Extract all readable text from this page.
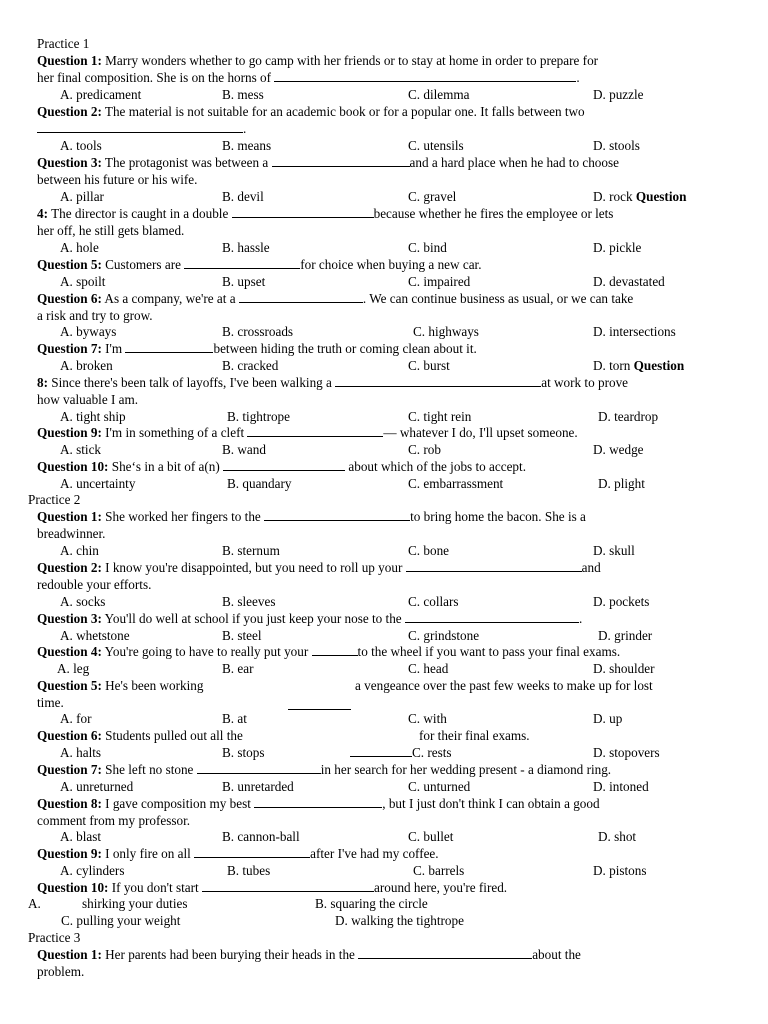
Practice 1
Question 1: Marry wonders whether to go camp with her friends or to stay at home in order to prepare for
her final composition. She is on the horns of	.
A. predicament	B. mess	C. dilemma	D. puzzle
Question 2: The material is not suitable for an academic book or for a popular one. It falls between two
.
A. tools	B. means	C. utensils	D. stools
Question 3: The protagonist was between a	and a hard place when he had to choose
between his future or his wife.
A. pillar	B. devil	C. gravel	D. rock Question
4: The director is caught in a double	because whether he fires the employee or lets
her off, he still gets blamed.
A. hole	B. hassle	C. bind	D. pickle
Question 5: Customers are	for choice when buying a new car.
A. spoilt	B. upset	C. impaired	D. devastated
Question 6: As a company, we're at a	. We can continue business as usual, or we can take
a risk and try to grow.
A. byways	B. crossroads	C. highways	D. intersections
Question 7: I'm	between hiding the truth or coming clean about it.
A. broken	B. cracked	C. burst	D. torn Question
8: Since there's been talk of layoffs, I've been walking a	at work to prove
how valuable I am.
A. tight ship	B. tightrope	C. tight rein	D. teardrop
Question 9: I'm in something of a cleft	— whatever I do, I'll upset someone.
A. stick	B. wand	C. rob	D. wedge
Question 10: She‘s in a bit of a(n)	about which of the jobs to accept.
A. uncertainty	B. quandary	C. embarrassment	D. plight
Practice 2
Question 1: She worked her fingers to the	to bring home the bacon. She is a
breadwinner.
A. chin	B. sternum	C. bone	D. skull
Question 2: I know you're disappointed, but you need to roll up your	and
redouble your efforts.
A. socks	B. sleeves	C. collars	D. pockets
Question 3: You'll do well at school if you just keep your nose to the	.
A. whetstone	B. steel	C. grindstone	D. grinder
Question 4: You're going to have to really put your	to the wheel if you want to pass your final exams.
A. leg	B. ear	C. head	D. shoulder
Question 5: He's been working	a vengeance over the past few weeks to make up for lost
time.
A. for	B. at	C. with	D. up
Question 6: Students pulled out all the	for their final exams.
A. halts	B. stops	C. rests	D. stopovers
Question 7: She left no stone	in her search for her wedding present - a diamond ring.
A. unreturned	B. unretarded	C. unturned	D. intoned
Question 8: I gave composition my best	, but I just don't think I can obtain a good
comment from my professor.
A. blast	B. cannon-ball	C. bullet	D. shot
Question 9: I only fire on all	after I've had my coffee.
A. cylinders	B. tubes	C. barrels	D. pistons
Question 10: If you don't start	around here, you're fired.
A.	shirking your duties	B. squaring the circle
C. pulling your weight	D. walking the tightrope
Practice 3
Question 1: Her parents had been burying their heads in the	about the
problem.
